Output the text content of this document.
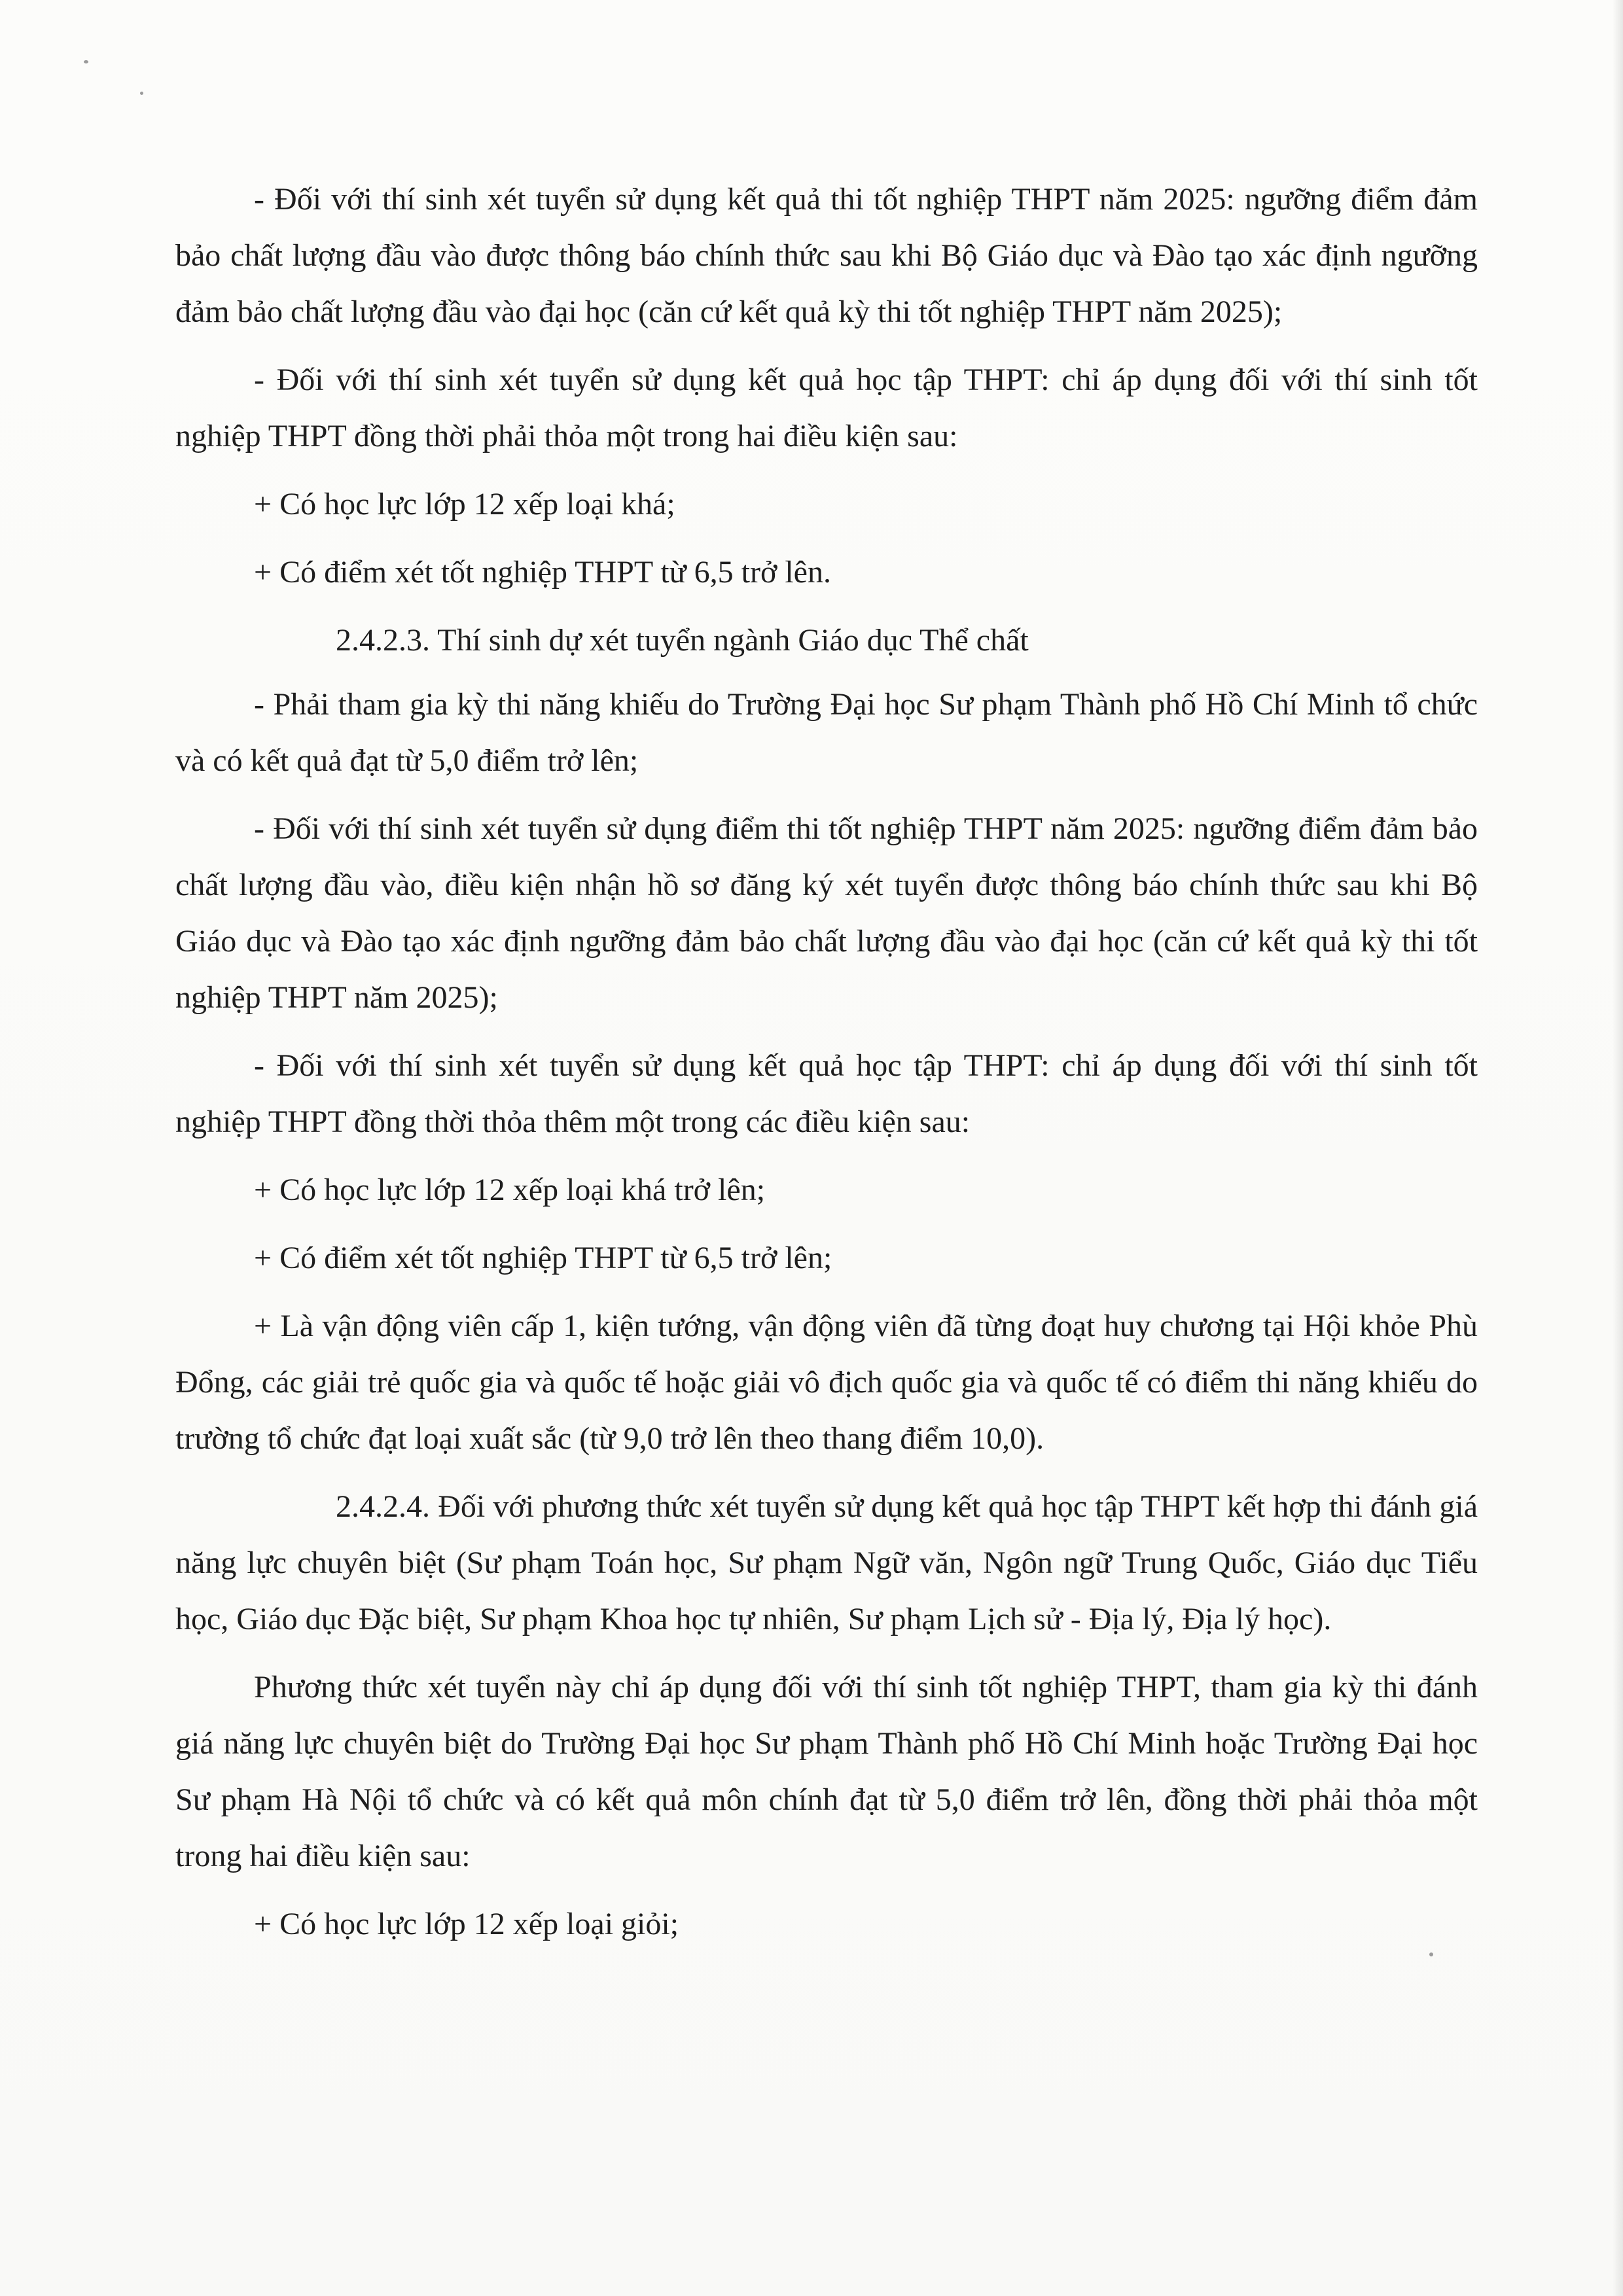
- Đối với thí sinh xét tuyển sử dụng kết quả thi tốt nghiệp THPT năm 2025: ngưỡng điểm đảm bảo chất lượng đầu vào được thông báo chính thức sau khi Bộ Giáo dục và Đào tạo xác định ngưỡng đảm bảo chất lượng đầu vào đại học (căn cứ kết quả kỳ thi tốt nghiệp THPT năm 2025);

- Đối với thí sinh xét tuyển sử dụng kết quả học tập THPT: chỉ áp dụng đối với thí sinh tốt nghiệp THPT đồng thời phải thỏa một trong hai điều kiện sau:

+ Có học lực lớp 12 xếp loại khá;

+ Có điểm xét tốt nghiệp THPT từ 6,5 trở lên.

2.4.2.3. Thí sinh dự xét tuyển ngành Giáo dục Thể chất

- Phải tham gia kỳ thi năng khiếu do Trường Đại học Sư phạm Thành phố Hồ Chí Minh tổ chức và có kết quả đạt từ 5,0 điểm trở lên;

- Đối với thí sinh xét tuyển sử dụng điểm thi tốt nghiệp THPT năm 2025: ngưỡng điểm đảm bảo chất lượng đầu vào, điều kiện nhận hồ sơ đăng ký xét tuyển được thông báo chính thức sau khi Bộ Giáo dục và Đào tạo xác định ngưỡng đảm bảo chất lượng đầu vào đại học (căn cứ kết quả kỳ thi tốt nghiệp THPT năm 2025);

- Đối với thí sinh xét tuyển sử dụng kết quả học tập THPT: chỉ áp dụng đối với thí sinh tốt nghiệp THPT đồng thời thỏa thêm một trong các điều kiện sau:

+ Có học lực lớp 12 xếp loại khá trở lên;

+ Có điểm xét tốt nghiệp THPT từ 6,5 trở lên;

+ Là vận động viên cấp 1, kiện tướng, vận động viên đã từng đoạt huy chương tại Hội khỏe Phù Đổng, các giải trẻ quốc gia và quốc tế hoặc giải vô địch quốc gia và quốc tế có điểm thi năng khiếu do trường tổ chức đạt loại xuất sắc (từ 9,0 trở lên theo thang điểm 10,0).

2.4.2.4. Đối với phương thức xét tuyển sử dụng kết quả học tập THPT kết hợp thi đánh giá năng lực chuyên biệt (Sư phạm Toán học, Sư phạm Ngữ văn, Ngôn ngữ Trung Quốc, Giáo dục Tiểu học, Giáo dục Đặc biệt, Sư phạm Khoa học tự nhiên, Sư phạm Lịch sử - Địa lý, Địa lý học).

Phương thức xét tuyển này chỉ áp dụng đối với thí sinh tốt nghiệp THPT, tham gia kỳ thi đánh giá năng lực chuyên biệt do Trường Đại học Sư phạm Thành phố Hồ Chí Minh hoặc Trường Đại học Sư phạm Hà Nội tổ chức và có kết quả môn chính đạt từ 5,0 điểm trở lên, đồng thời phải thỏa một trong hai điều kiện sau:

+ Có học lực lớp 12 xếp loại giỏi;
